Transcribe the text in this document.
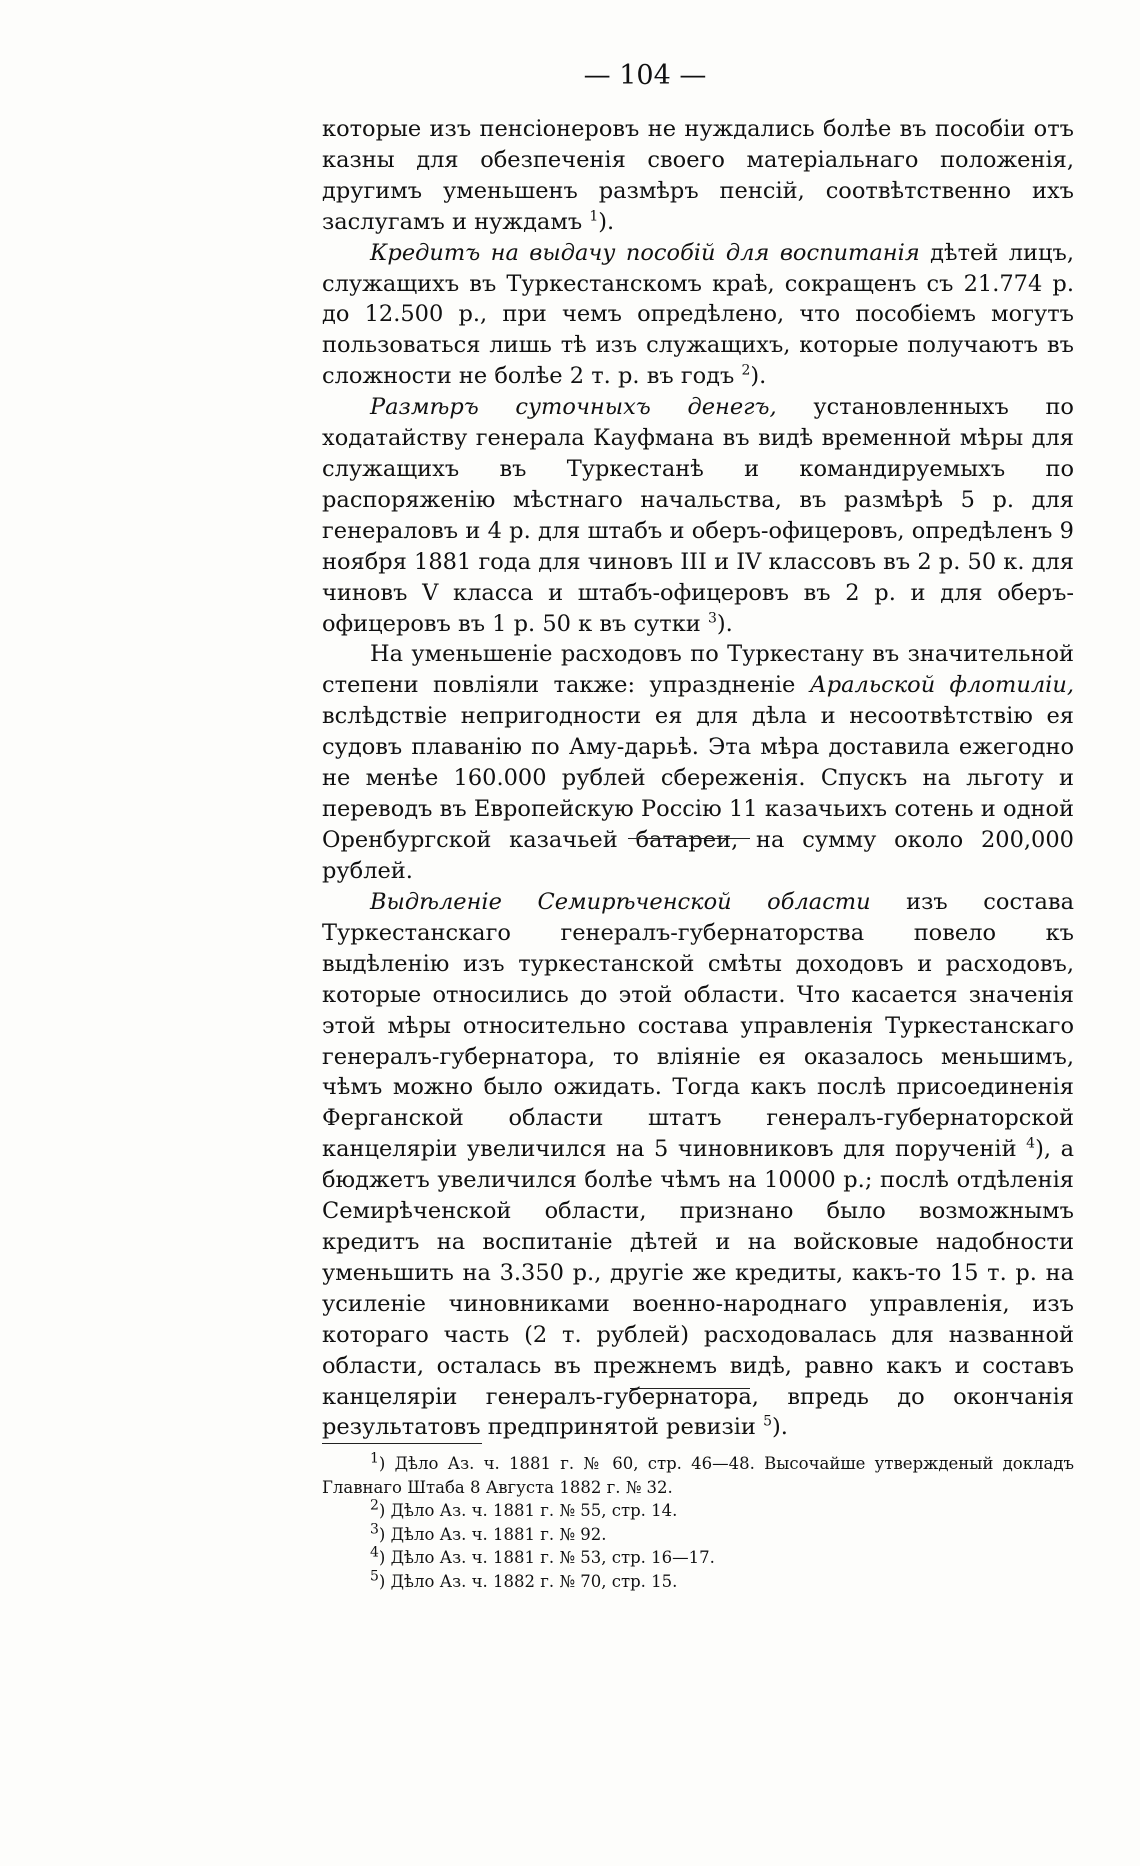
— 104 —

которые изъ пенсіонеровъ не нуждались болѣе въ пособіи отъ казны для обезпеченія своего матеріальнаго положенія, другимъ уменьшенъ размѣръ пенсій, соотвѣтственно ихъ заслугамъ и нуждамъ $^1$).

Кредитъ на выдачу пособій для воспитанія дѣтей лицъ, служащихъ въ Туркестанскомъ краѣ, сокращенъ съ 21.774 р. до 12.500 р., при чемъ опредѣлено, что пособіемъ могутъ пользоваться лишь тѣ изъ служащихъ, которые получаютъ въ сложности не болѣе 2 т. р. въ годъ $^2$).

Размѣръ суточныхъ денегъ, установленныхъ по ходатайству генерала Кауфмана въ видѣ временной мѣры для служащихъ въ Туркестанѣ и командируемыхъ по распоряженію мѣстнаго начальства, въ размѣрѣ 5 р. для генераловъ и 4 р. для штабъ и оберъ-офицеровъ, опредѣленъ 9 ноября 1881 года для чиновъ III и IV классовъ въ 2 р. 50 к. для чиновъ V класса и штабъ-офицеровъ въ 2 р. и для оберъ-офицеровъ въ 1 р. 50 к въ сутки $^3$).

На уменьшеніе расходовъ по Туркестану въ значительной степени повліяли также: упраздненіе Аральской флотиліи, вслѣдствіе непригодности ея для дѣла и несоотвѣтствію ея судовъ плаванію по Аму-дарьѣ. Эта мѣра доставила ежегодно не менѣе 160.000 рублей сбереженія. Спускъ на льготу и переводъ въ Европейскую Россію 11 казачьихъ сотень и одной Оренбургской казачьей батареи, на сумму около 200,000 рублей.

Выдѣленіе Семирѣченской области изъ состава Туркестанскаго генералъ-губернаторства повело къ выдѣленію изъ туркестанской смѣты доходовъ и расходовъ, которые относились до этой области. Что касается значенія этой мѣры относительно состава управленія Туркестанскаго генералъ-губернатора, то вліяніе ея оказалось меньшимъ, чѣмъ можно было ожидать. Тогда какъ послѣ присоединенія Ферганской области штатъ генералъ-губернаторской канцеляріи увеличился на 5 чиновниковъ для порученій $^4$), а бюджетъ увеличился болѣе чѣмъ на 10000 р.; послѣ отдѣленія Семирѣченской области, признано было возможнымъ кредитъ на воспитаніе дѣтей и на войсковые надобности уменьшить на 3.350 р., другіе же кредиты, какъ-то 15 т. р. на усиленіе чиновниками военно-народнаго управленія, изъ котораго часть (2 т. рублей) расходовалась для названной области, осталась въ прежнемъ видѣ, равно какъ и составъ канцеляріи генералъ-губернатора, впредь до окончанія результатовъ предпринятой ревизіи $^5$).

$^1$) Дѣло Аз. ч. 1881 г. № 60, стр. 46—48. Высочайше утвержденый докладъ Главнаго Штаба 8 Августа 1882 г. № 32.

$^2$) Дѣло Аз. ч. 1881 г. № 55, стр. 14.

$^3$) Дѣло Аз. ч. 1881 г. № 92.

$^4$) Дѣло Аз. ч. 1881 г. № 53, стр. 16—17.

$^5$) Дѣло Аз. ч. 1882 г. № 70, стр. 15.
